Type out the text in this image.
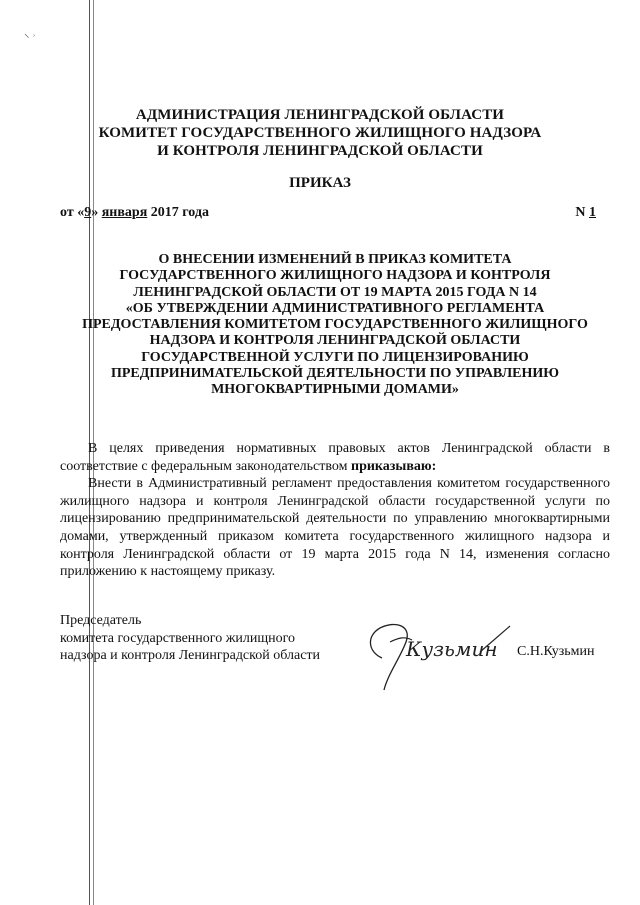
⸜ ˒
АДМИНИСТРАЦИЯ ЛЕНИНГРАДСКОЙ ОБЛАСТИ
КОМИТЕТ ГОСУДАРСТВЕННОГО ЖИЛИЩНОГО НАДЗОРА
И КОНТРОЛЯ ЛЕНИНГРАДСКОЙ ОБЛАСТИ
ПРИКАЗ
от «9» января 2017 года	N 1
О ВНЕСЕНИИ ИЗМЕНЕНИЙ В ПРИКАЗ КОМИТЕТА
ГОСУДАРСТВЕННОГО ЖИЛИЩНОГО НАДЗОРА И КОНТРОЛЯ
ЛЕНИНГРАДСКОЙ ОБЛАСТИ ОТ 19 МАРТА 2015 ГОДА N 14
«ОБ УТВЕРЖДЕНИИ АДМИНИСТРАТИВНОГО РЕГЛАМЕНТА
ПРЕДОСТАВЛЕНИЯ КОМИТЕТОМ ГОСУДАРСТВЕННОГО ЖИЛИЩНОГО
НАДЗОРА И КОНТРОЛЯ ЛЕНИНГРАДСКОЙ ОБЛАСТИ
ГОСУДАРСТВЕННОЙ УСЛУГИ ПО ЛИЦЕНЗИРОВАНИЮ
ПРЕДПРИНИМАТЕЛЬСКОЙ ДЕЯТЕЛЬНОСТИ ПО УПРАВЛЕНИЮ
МНОГОКВАРТИРНЫМИ ДОМАМИ»

В целях приведения нормативных правовых актов Ленинградской области в соответствие с федеральным законодательством приказываю:

Внести в Административный регламент предоставления комитетом государственного жилищного надзора и контроля Ленинградской области государственной услуги по лицензированию предпринимательской деятельности по управлению многоквартирными домами, утвержденный приказом комитета государственного жилищного надзора и контроля Ленинградской области от 19 марта 2015 года N 14, изменения согласно приложению к настоящему приказу.

Председатель
комитета государственного жилищного
надзора и контроля Ленинградской области	Кузьмин С.Н.Кузьмин
